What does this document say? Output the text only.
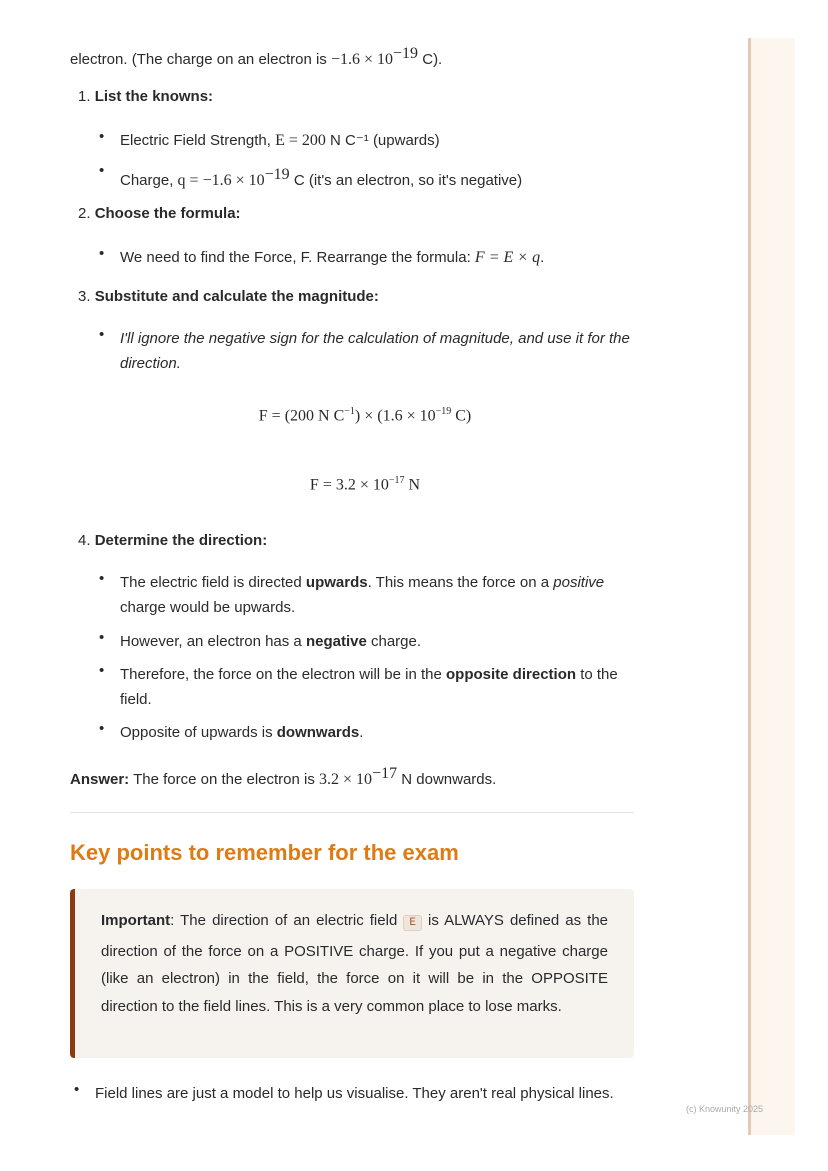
electron. (The charge on an electron is $-1.6 \times 10^{-19}$ C).
1. List the knowns:
Electric Field Strength, E = 200 N C⁻¹ (upwards)
Charge, $q = -1.6 \times 10^{-19}$ C (it's an electron, so it's negative)
2. Choose the formula:
We need to find the Force, F. Rearrange the formula: F = E × q.
3. Substitute and calculate the magnitude:
I'll ignore the negative sign for the calculation of magnitude, and use it for the direction.
F = (200 N $C^{-1}) \times (1.6 \times 10^{-19}$ C)
$F = 3.2 \times 10^{-17}$ N
4. Determine the direction:
The electric field is directed upwards. This means the force on a positive charge would be upwards.
However, an electron has a negative charge.
Therefore, the force on the electron will be in the opposite direction to the field.
Opposite of upwards is downwards.
Answer: The force on the electron is $3.2 \times 10^{-17}$ N downwards.
Key points to remember for the exam
Important: The direction of an electric field E is ALWAYS defined as the direction of the force on a POSITIVE charge. If you put a negative charge (like an electron) in the field, the force on it will be in the OPPOSITE direction to the field lines. This is a very common place to lose marks.
Field lines are just a model to help us visualise. They aren't real physical lines.
(c) Knowunity 2025
